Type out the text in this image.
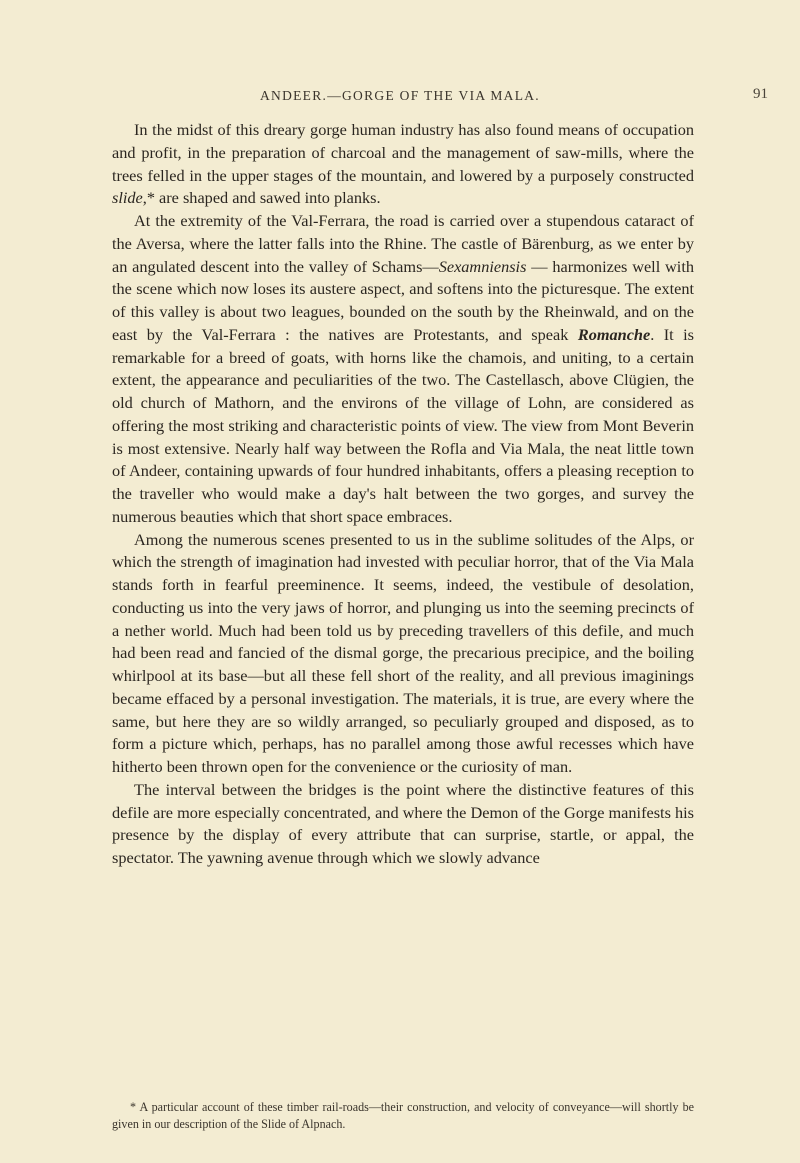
ANDEER.—GORGE OF THE VIA MALA.	91

In the midst of this dreary gorge human industry has also found means of occupation and profit, in the preparation of charcoal and the management of saw-mills, where the trees felled in the upper stages of the mountain, and lowered by a purposely constructed slide,* are shaped and sawed into planks.

At the extremity of the Val-Ferrara, the road is carried over a stupendous cataract of the Aversa, where the latter falls into the Rhine. The castle of Bärenburg, as we enter by an angulated descent into the valley of Schams—Sexamniensis — harmonizes well with the scene which now loses its austere aspect, and softens into the picturesque. The extent of this valley is about two leagues, bounded on the south by the Rheinwald, and on the east by the Val-Ferrara : the natives are Protestants, and speak Romanche. It is remarkable for a breed of goats, with horns like the chamois, and uniting, to a certain extent, the appearance and peculiarities of the two. The Castellasch, above Clügien, the old church of Mathorn, and the environs of the village of Lohn, are considered as offering the most striking and characteristic points of view. The view from Mont Beverin is most extensive. Nearly half way between the Rofla and Via Mala, the neat little town of Andeer, containing upwards of four hundred inhabitants, offers a pleasing reception to the traveller who would make a day's halt between the two gorges, and survey the numerous beauties which that short space embraces.

Among the numerous scenes presented to us in the sublime solitudes of the Alps, or which the strength of imagination had invested with peculiar horror, that of the Via Mala stands forth in fearful preeminence. It seems, indeed, the vestibule of desolation, conducting us into the very jaws of horror, and plunging us into the seeming precincts of a nether world. Much had been told us by preceding travellers of this defile, and much had been read and fancied of the dismal gorge, the precarious precipice, and the boiling whirlpool at its base—but all these fell short of the reality, and all previous imaginings became effaced by a personal investigation. The materials, it is true, are every where the same, but here they are so wildly arranged, so peculiarly grouped and disposed, as to form a picture which, perhaps, has no parallel among those awful recesses which have hitherto been thrown open for the convenience or the curiosity of man.

The interval between the bridges is the point where the distinctive features of this defile are more especially concentrated, and where the Demon of the Gorge manifests his presence by the display of every attribute that can surprise, startle, or appal, the spectator. The yawning avenue through which we slowly advance

* A particular account of these timber rail-roads—their construction, and velocity of conveyance—will shortly be given in our description of the Slide of Alpnach.
